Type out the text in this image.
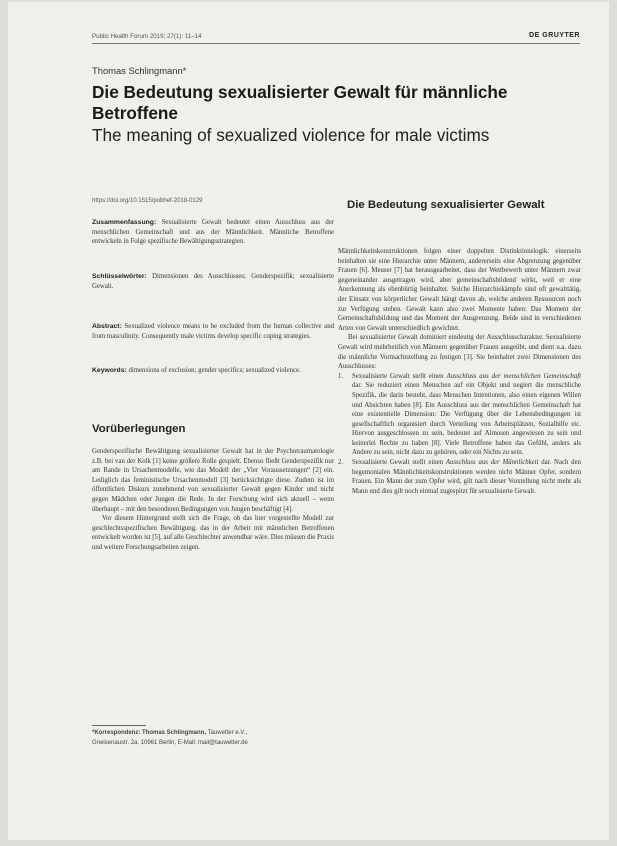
Public Health Forum 2019; 27(1): 11–14	DE GRUYTER
Thomas Schlingmann*
Die Bedeutung sexualisierter Gewalt für männliche Betroffene
The meaning of sexualized violence for male victims
https://doi.org/10.1515/pubhef-2018-0129

Zusammenfassung: Sexualisierte Gewalt bedeutet einen Ausschluss aus der menschlichen Gemeinschaft und aus der Männlichkeit. Männliche Betroffene entwickeln in Folge spezifische Bewältigungsstrategien.

Schlüsselwörter: Dimensionen des Ausschlusses; Genderspezifik; sexualisierte Gewalt.

Abstract: Sexualized violence means to be excluded from the human collective and from masculinity. Consequently male victims develop specific coping strategies.

Keywords: dimensions of exclusion; gender specifics; sexualized violence.

Vorüberlegungen

Genderspezifische Bewältigung sexualisierter Gewalt hat in der Psychotraumatologie z.B. bei van der Kolk [1] keine größere Rolle gespielt. Ebenso fließt Genderspezifik nur am Rande in Ursachenmodelle, wie das Modell der „Vier Voraussetzungen“ [2] ein. Lediglich das feministische Ursachenmodell [3] berücksichtigte diese. Zudem ist im öffentlichen Diskurs zunehmend von sexualisierter Gewalt gegen Kinder und nicht gegen Mädchen oder Jungen die Rede. In der Forschung wird sich aktuell – wenn überhaupt – mit den besonderen Bedingungen von Jungen beschäftigt [4].

Vor diesem Hintergrund stellt sich die Frage, ob das hier vorgestellte Modell zur geschlechtsspezifischen Bewältigung, das in der Arbeit mit männlichen Betroffenen entwickelt worden ist [5], auf alle Geschlechter anwendbar wäre. Dies müssen die Praxis und weitere Forschungsarbeiten zeigen.

*Korrespondenz: Thomas Schlingmann, Tauwetter e.V.,
Gneisenaustr. 2a, 10961 Berlin, E-Mail: mail@tauwetter.de
Die Bedeutung sexualisierter Gewalt

Männlichkeitskonstruktionen folgen einer doppelten Distinktionslogik: einerseits beinhalten sie eine Hierarchie unter Männern, andererseits eine Abgrenzung gegenüber Frauen [6]. Meuser [7] hat herausgearbeitet, dass der Wettbewerb unter Männern zwar gegeneinander ausgetragen wird, aber gemeinschaftsbildend wirkt, weil er eine Anerkennung als ebenbürtig beinhaltet. Solche Hierarchiekämpfe sind oft gewalttätig, der Einsatz von körperlicher Gewalt hängt davon ab, welche anderen Ressourcen noch zur Verfügung stehen. Gewalt kann also zwei Momente haben: Das Moment der Gemeinschaftsbildung und das Moment der Ausgrenzung. Beide sind in verschiedenen Arten von Gewalt unterschiedlich gewichtet.

Bei sexualisierter Gewalt dominiert eindeutig der Ausschlusscharakter. Sexualisierte Gewalt wird mehrheitlich von Männern gegenüber Frauen ausgeübt, und dient u.a. dazu die männliche Vormachtstellung zu festigen [3]. Sie beinhaltet zwei Dimensionen des Ausschlusses:

1. Sexualisierte Gewalt stellt einen Ausschluss aus der menschlichen Gemeinschaft dar. Sie reduziert einen Menschen auf ein Objekt und negiert die menschliche Spezifik, die darin besteht, dass Menschen Intentionen, also einen eigenen Willen und Absichten haben [8]. Ein Ausschluss aus der menschlichen Gemeinschaft hat eine existentielle Dimension: Die Verfügung über die Lebensbedingungen ist gesellschaftlich organisiert durch Verteilung von Arbeitsplätzen, Sozialhilfe etc. Hiervon ausgeschlossen zu sein, bedeutet auf Almosen angewiesen zu sein und keinerlei Rechte zu haben [8]. Viele Betroffene haben das Gefühl, anders als Andere zu sein, nicht dazu zu gehören, oder ein Nichts zu sein.
2. Sexualisierte Gewalt stellt einen Ausschluss aus der Männlichkeit dar. Nach den hegemonialen Männlichkeitskonstruktionen werden nicht Männer Opfer, sondern Frauen. Ein Mann der zum Opfer wird, gilt nach dieser Vorstellung nicht mehr als Mann und dies gilt noch einmal zugespitzt für sexualisierte Gewalt.
